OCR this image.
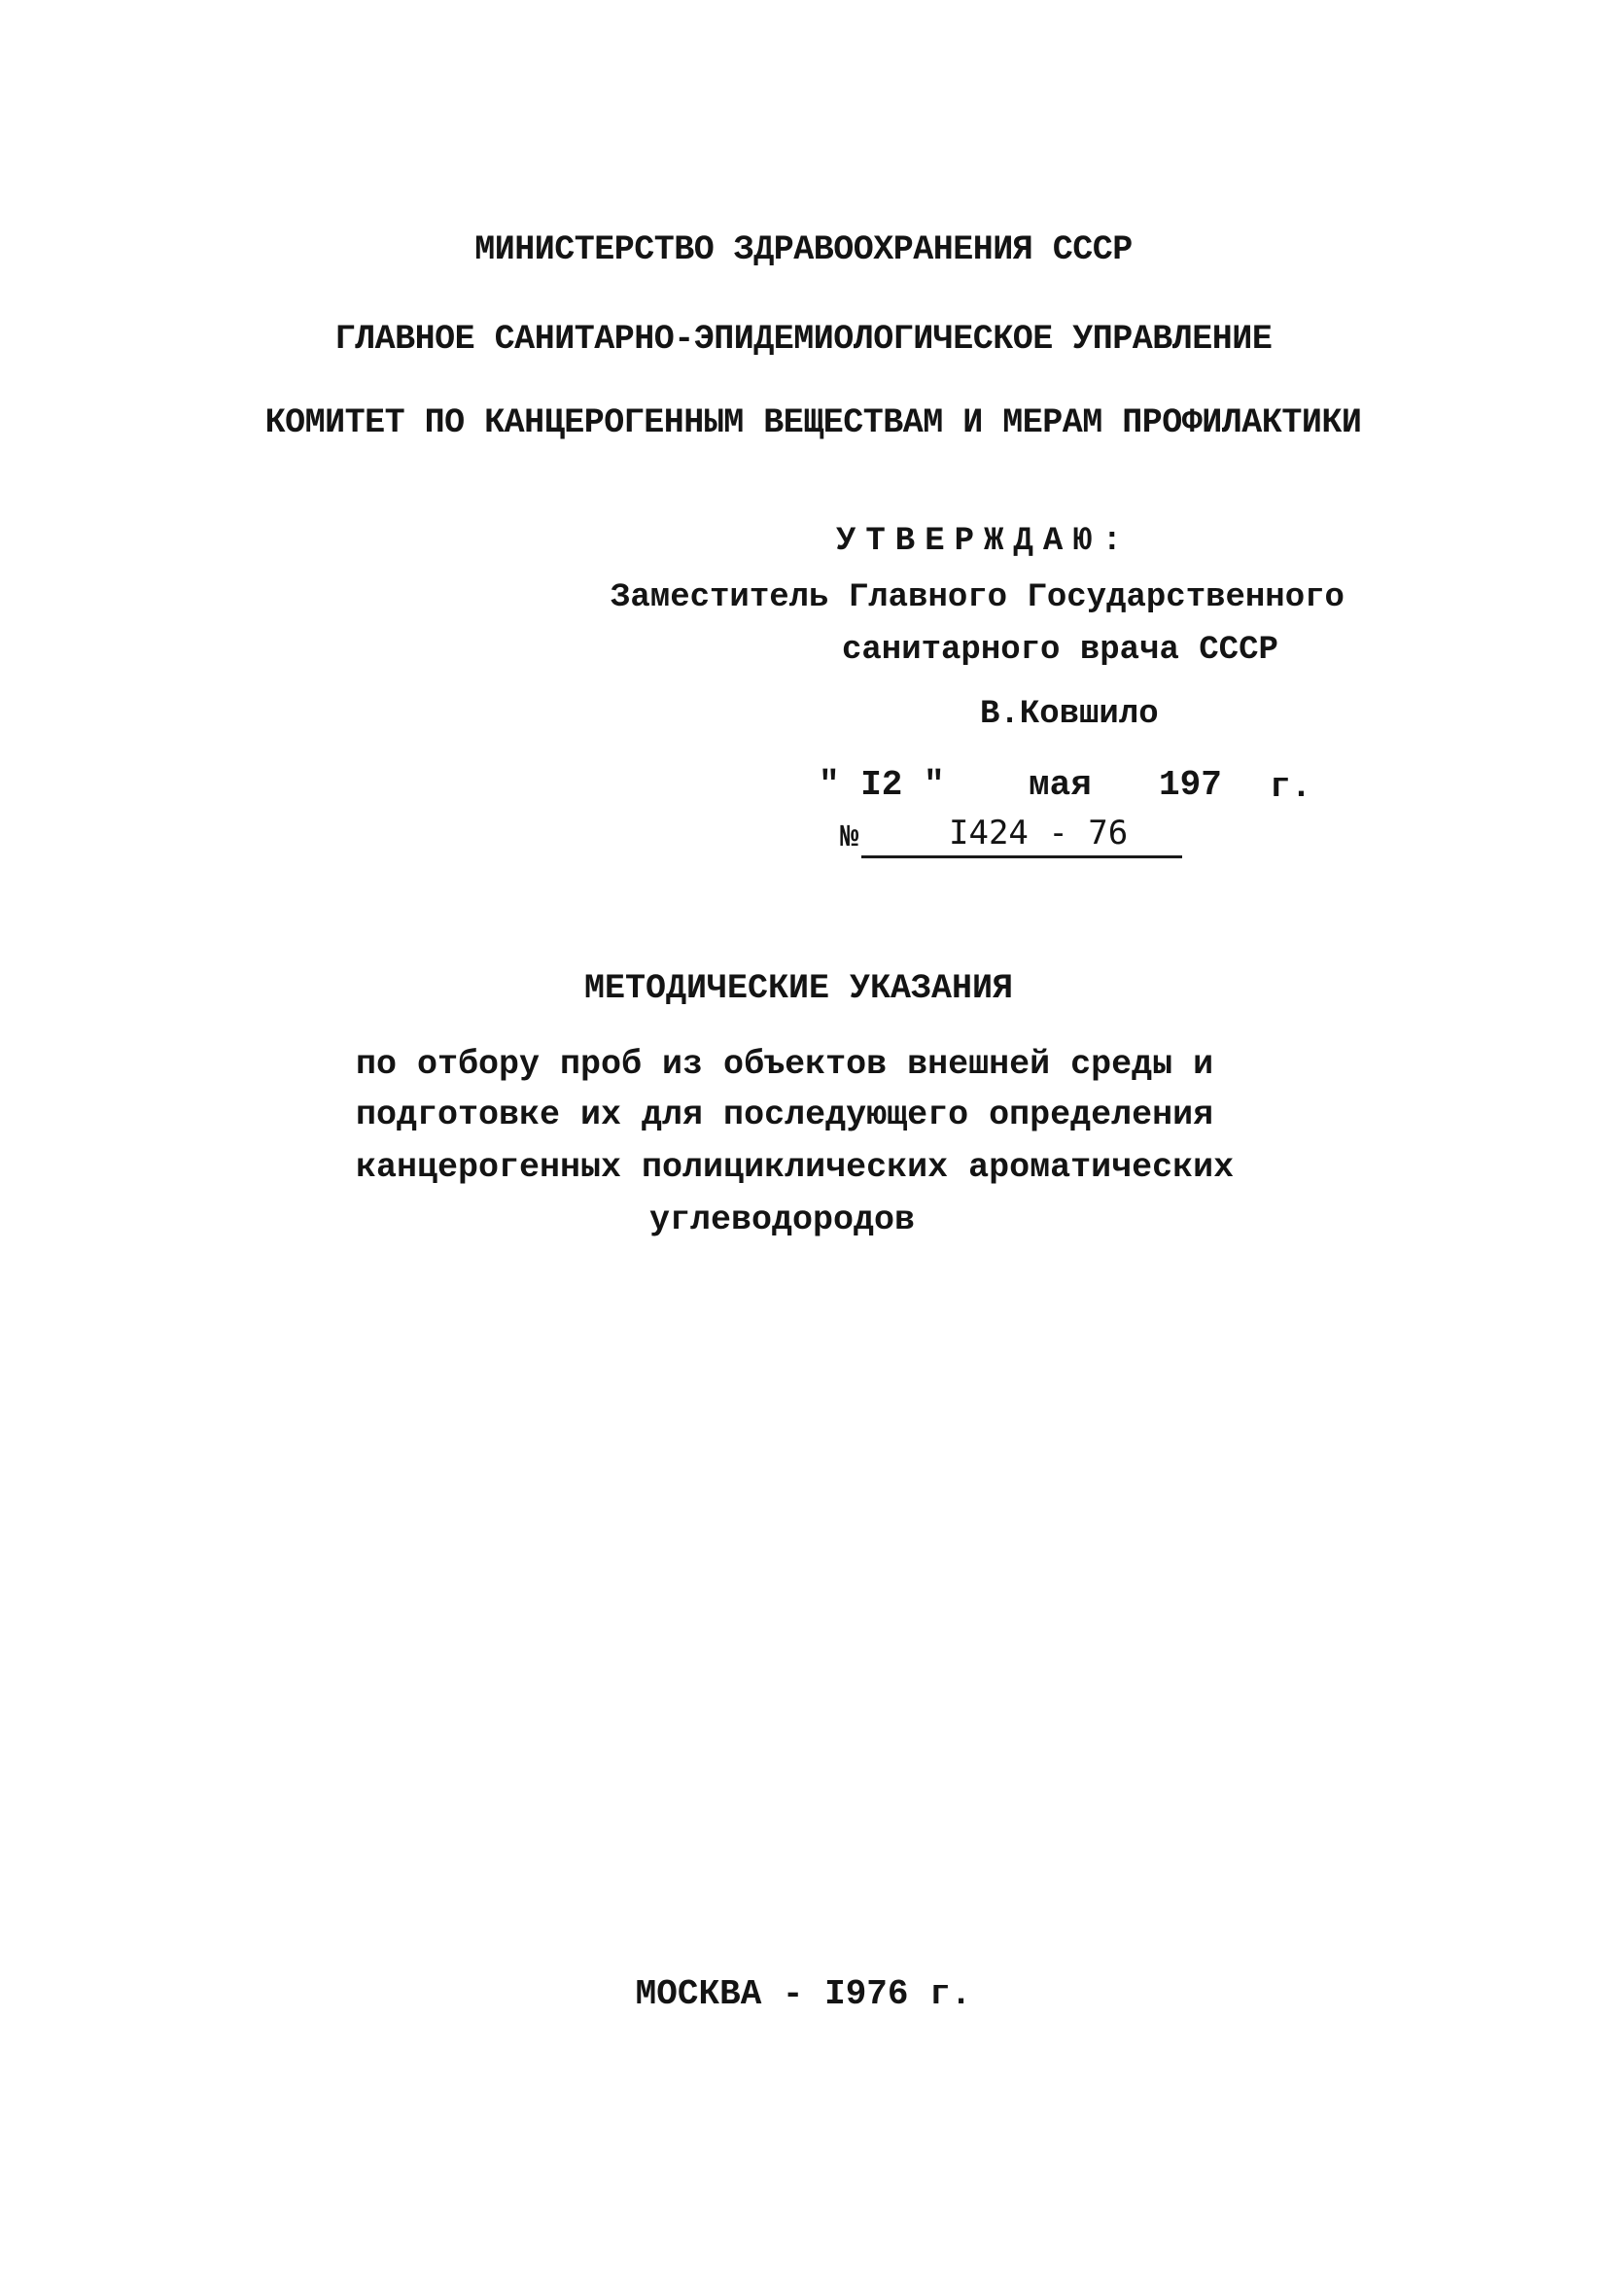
МИНИСТЕРСТВО ЗДРАВООХРАНЕНИЯ СССР
ГЛАВНОЕ САНИТАРНО-ЭПИДЕМИОЛОГИЧЕСКОЕ УПРАВЛЕНИЕ
КОМИТЕТ ПО КАНЦЕРОГЕННЫМ ВЕЩЕСТВАМ И МЕРАМ ПРОФИЛАКТИКИ
УТВЕРЖДАЮ:
Заместитель Главного Государственного
санитарного врача СССР
В.Ковшило
" I2 " мая 197 г.
№	I424 - 76
МЕТОДИЧЕСКИЕ УКАЗАНИЯ
по отбору проб из объектов внешней среды и
подготовке их для последующего определения
канцерогенных полициклических ароматических
углеводородов
МОСКВА - I976 г.
